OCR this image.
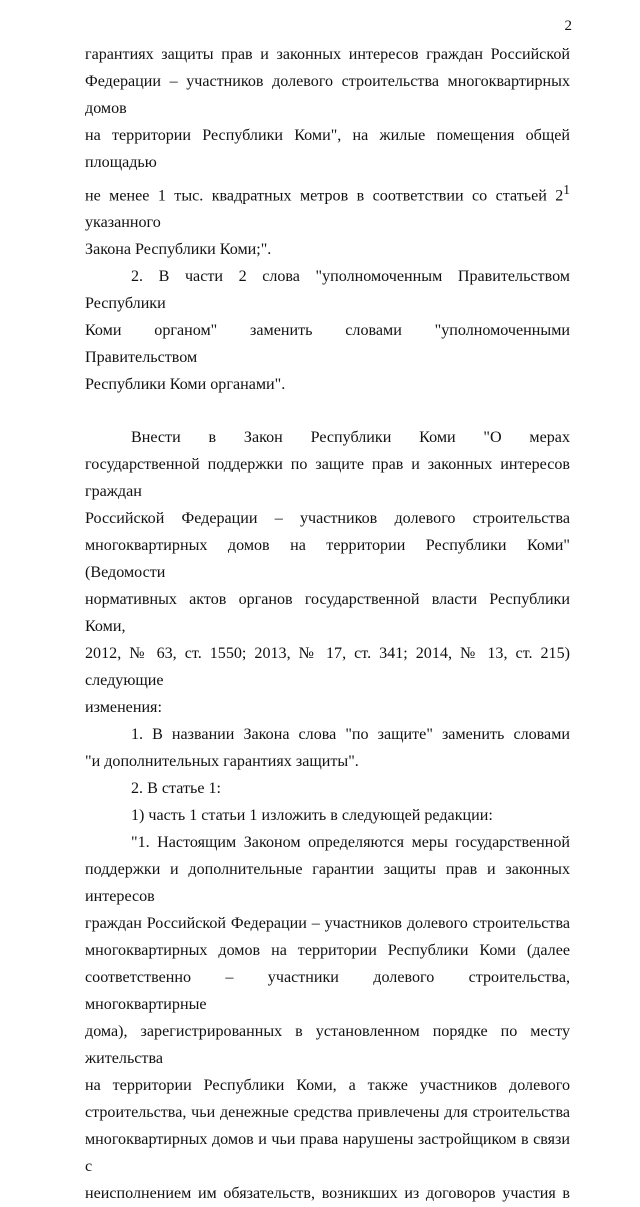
2

гарантиях защиты прав и законных интересов граждан Российской

Федерации – участников долевого строительства многоквартирных домов

на территории Республики Коми", на жилые помещения общей площадью

не менее 1 тыс. квадратных метров в соответствии со статьей $2^1$ указанного

Закона Республики Коми;".

2. В части 2 слова "уполномоченным Правительством Республики

Коми органом" заменить словами "уполномоченными Правительством

Республики Коми органами".

Внести в Закон Республики Коми "О мерах

государственной поддержки по защите прав и законных интересов граждан

Российской Федерации – участников долевого строительства

многоквартирных домов на территории Республики Коми" (Ведомости

нормативных актов органов государственной власти Республики Коми,

2012, № 63, ст. 1550; 2013, № 17, ст. 341; 2014, № 13, ст. 215) следующие

изменения:

1. В названии Закона слова "по защите" заменить словами

"и дополнительных гарантиях защиты".

2. В статье 1:

1) часть 1 статьи 1 изложить в следующей редакции:

"1. Настоящим Законом определяются меры государственной

поддержки и дополнительные гарантии защиты прав и законных интересов

граждан Российской Федерации – участников долевого строительства

многоквартирных домов на территории Республики Коми (далее

соответственно – участники долевого строительства, многоквартирные

дома), зарегистрированных в установленном порядке по месту жительства

на территории Республики Коми, а также участников долевого

строительства, чьи денежные средства привлечены для строительства

многоквартирных домов и чьи права нарушены застройщиком в связи с

неисполнением им обязательств, возникших из договоров участия в
